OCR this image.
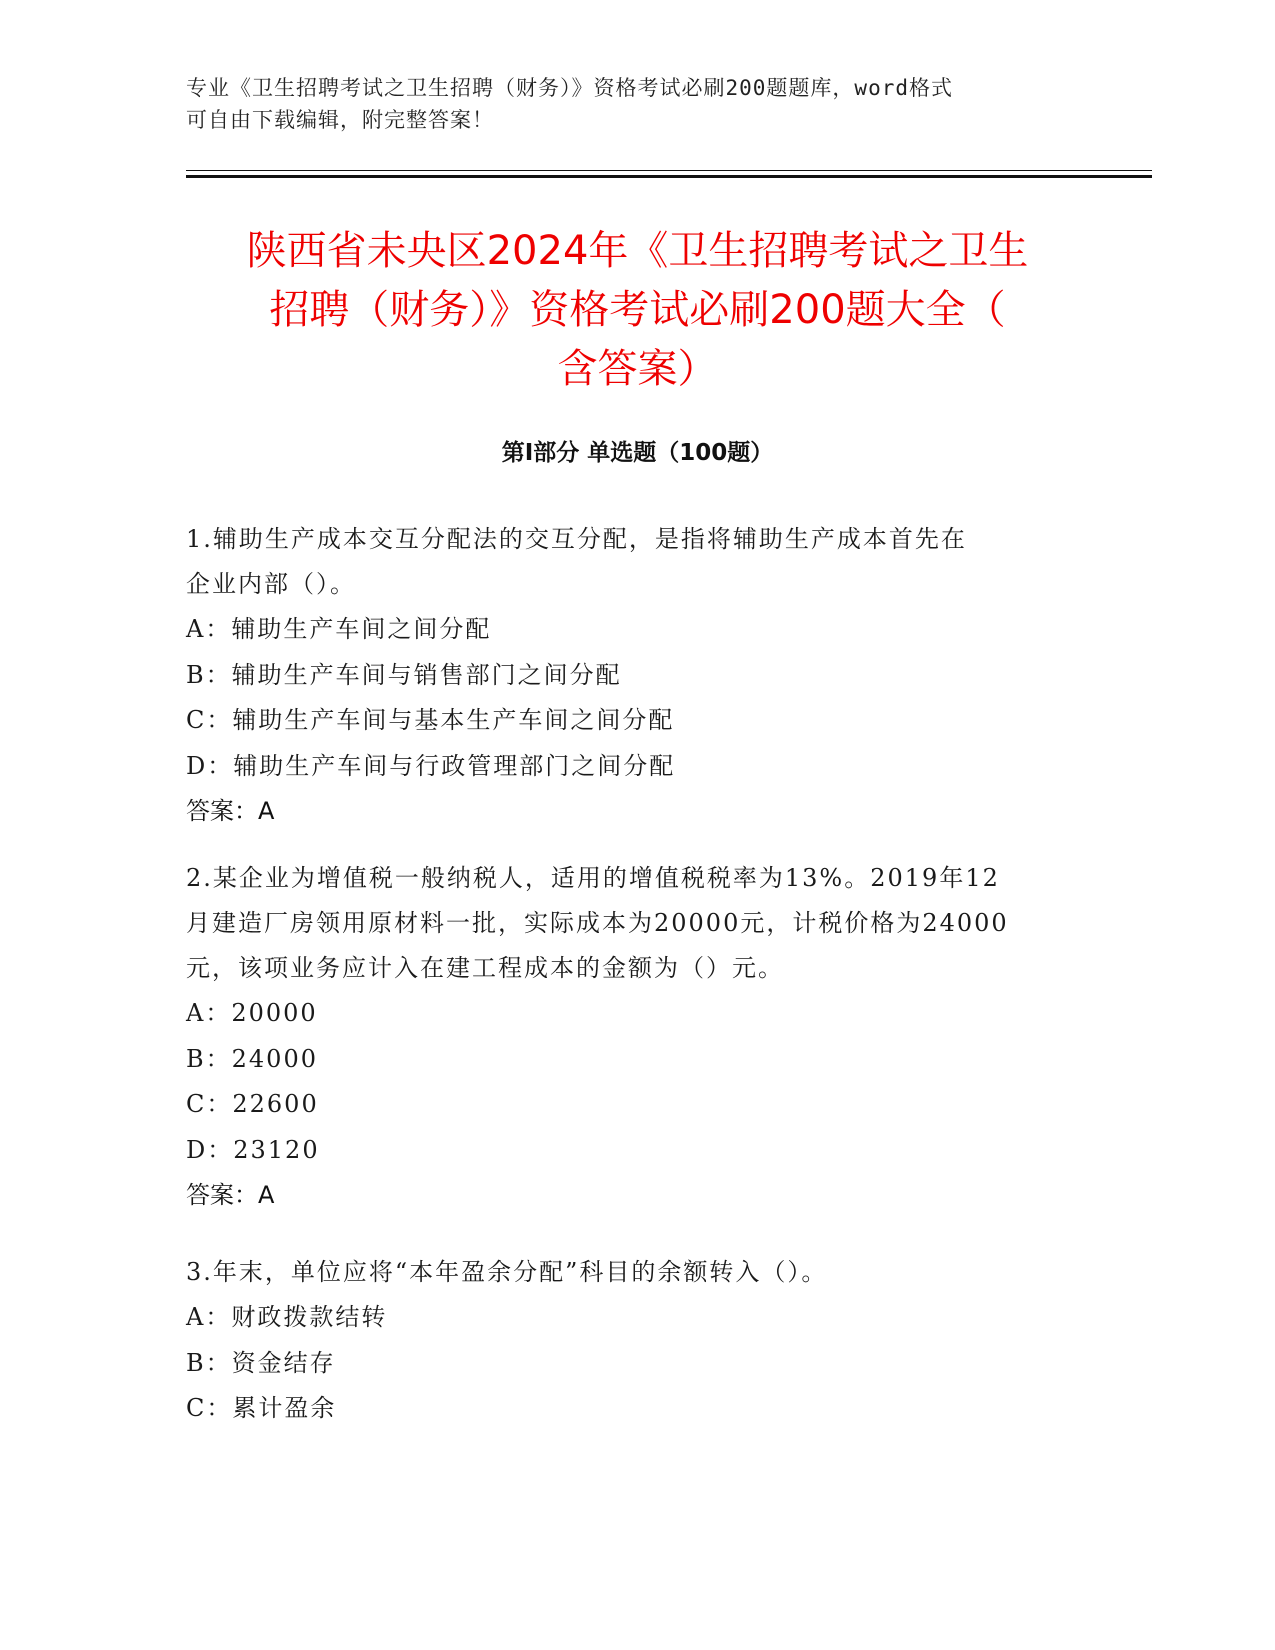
专业《卫生招聘考试之卫生招聘（财务）》资格考试必刷200题题库，word格式
可自由下载编辑，附完整答案！
陕西省未央区2024年《卫生招聘考试之卫生
招聘（财务）》资格考试必刷200题大全（
含答案）
第Ⅰ部分 单选题（100题）

1.辅助生产成本交互分配法的交互分配，是指将辅助生产成本首先在

企业内部（）。

A：辅助生产车间之间分配

B：辅助生产车间与销售部门之间分配

C：辅助生产车间与基本生产车间之间分配

D：辅助生产车间与行政管理部门之间分配

答案：A

2.某企业为增值税一般纳税人，适用的增值税税率为13%。2019年12

月建造厂房领用原材料一批，实际成本为20000元，计税价格为24000

元，该项业务应计入在建工程成本的金额为（）元。

A：20000

B：24000

C：22600

D：23120

答案：A

3.年末，单位应将“本年盈余分配”科目的余额转入（）。

A：财政拨款结转

B：资金结存

C：累计盈余
